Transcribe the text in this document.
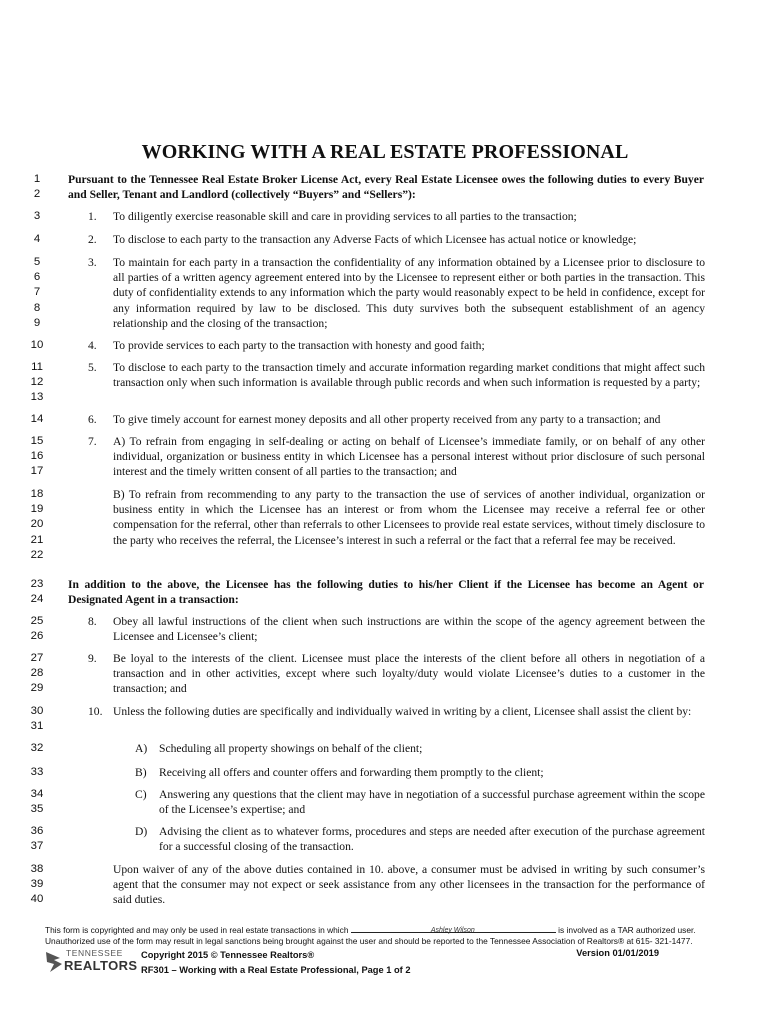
WORKING WITH A REAL ESTATE PROFESSIONAL
1
2
Pursuant to the Tennessee Real Estate Broker License Act, every Real Estate Licensee owes the following duties to every Buyer and Seller, Tenant and Landlord (collectively “Buyers” and “Sellers”):
3	1. To diligently exercise reasonable skill and care in providing services to all parties to the transaction;
4	2. To disclose to each party to the transaction any Adverse Facts of which Licensee has actual notice or knowledge;
5
6
7
8
9
3. To maintain for each party in a transaction the confidentiality of any information obtained by a Licensee prior to disclosure to all parties of a written agency agreement entered into by the Licensee to represent either or both parties in the transaction. This duty of confidentiality extends to any information which the party would reasonably expect to be held in confidence, except for any information required by law to be disclosed. This duty survives both the subsequent establishment of an agency relationship and the closing of the transaction;
10	4. To provide services to each party to the transaction with honesty and good faith;
11
12
13
5. To disclose to each party to the transaction timely and accurate information regarding market conditions that might affect such transaction only when such information is available through public records and when such information is requested by a party;
14	6. To give timely account for earnest money deposits and all other property received from any party to a transaction; and
15
16
17
7. A) To refrain from engaging in self-dealing or acting on behalf of Licensee’s immediate family, or on behalf of any other individual, organization or business entity in which Licensee has a personal interest without prior disclosure of such personal interest and the timely written consent of all parties to the transaction; and
18
19
20
21
22
B) To refrain from recommending to any party to the transaction the use of services of another individual, organization or business entity in which the Licensee has an interest or from whom the Licensee may receive a referral fee or other compensation for the referral, other than referrals to other Licensees to provide real estate services, without timely disclosure to the party who receives the referral, the Licensee’s interest in such a referral or the fact that a referral fee may be received.
23
24
In addition to the above, the Licensee has the following duties to his/her Client if the Licensee has become an Agent or Designated Agent in a transaction:
25
26
8. Obey all lawful instructions of the client when such instructions are within the scope of the agency agreement between the Licensee and Licensee’s client;
27
28
29
9. Be loyal to the interests of the client. Licensee must place the interests of the client before all others in negotiation of a transaction and in other activities, except where such loyalty/duty would violate Licensee’s duties to a customer in the transaction; and
30
31
10. Unless the following duties are specifically and individually waived in writing by a client, Licensee shall assist the client by:
32	A) Scheduling all property showings on behalf of the client;
33	B) Receiving all offers and counter offers and forwarding them promptly to the client;
34
35
C) Answering any questions that the client may have in negotiation of a successful purchase agreement within the scope of the Licensee’s expertise; and
36
37
D) Advising the client as to whatever forms, procedures and steps are needed after execution of the purchase agreement for a successful closing of the transaction.
38
39
40
Upon waiver of any of the above duties contained in 10. above, a consumer must be advised in writing by such consumer’s agent that the consumer may not expect or seek assistance from any other licensees in the transaction for the performance of said duties.
This form is copyrighted and may only be used in real estate transactions in which	Ashley Wilson	is involved as a TAR authorized user.
Unauthorized use of the form may result in legal sanctions being brought against the user and should be reported to the Tennessee Association of Realtors® at 615- 321-1477.
TENNESSEE
REALTORS
Copyright 2015 © Tennessee Realtors®
RF301 – Working with a Real Estate Professional, Page 1 of 2
Version 01/01/2019
